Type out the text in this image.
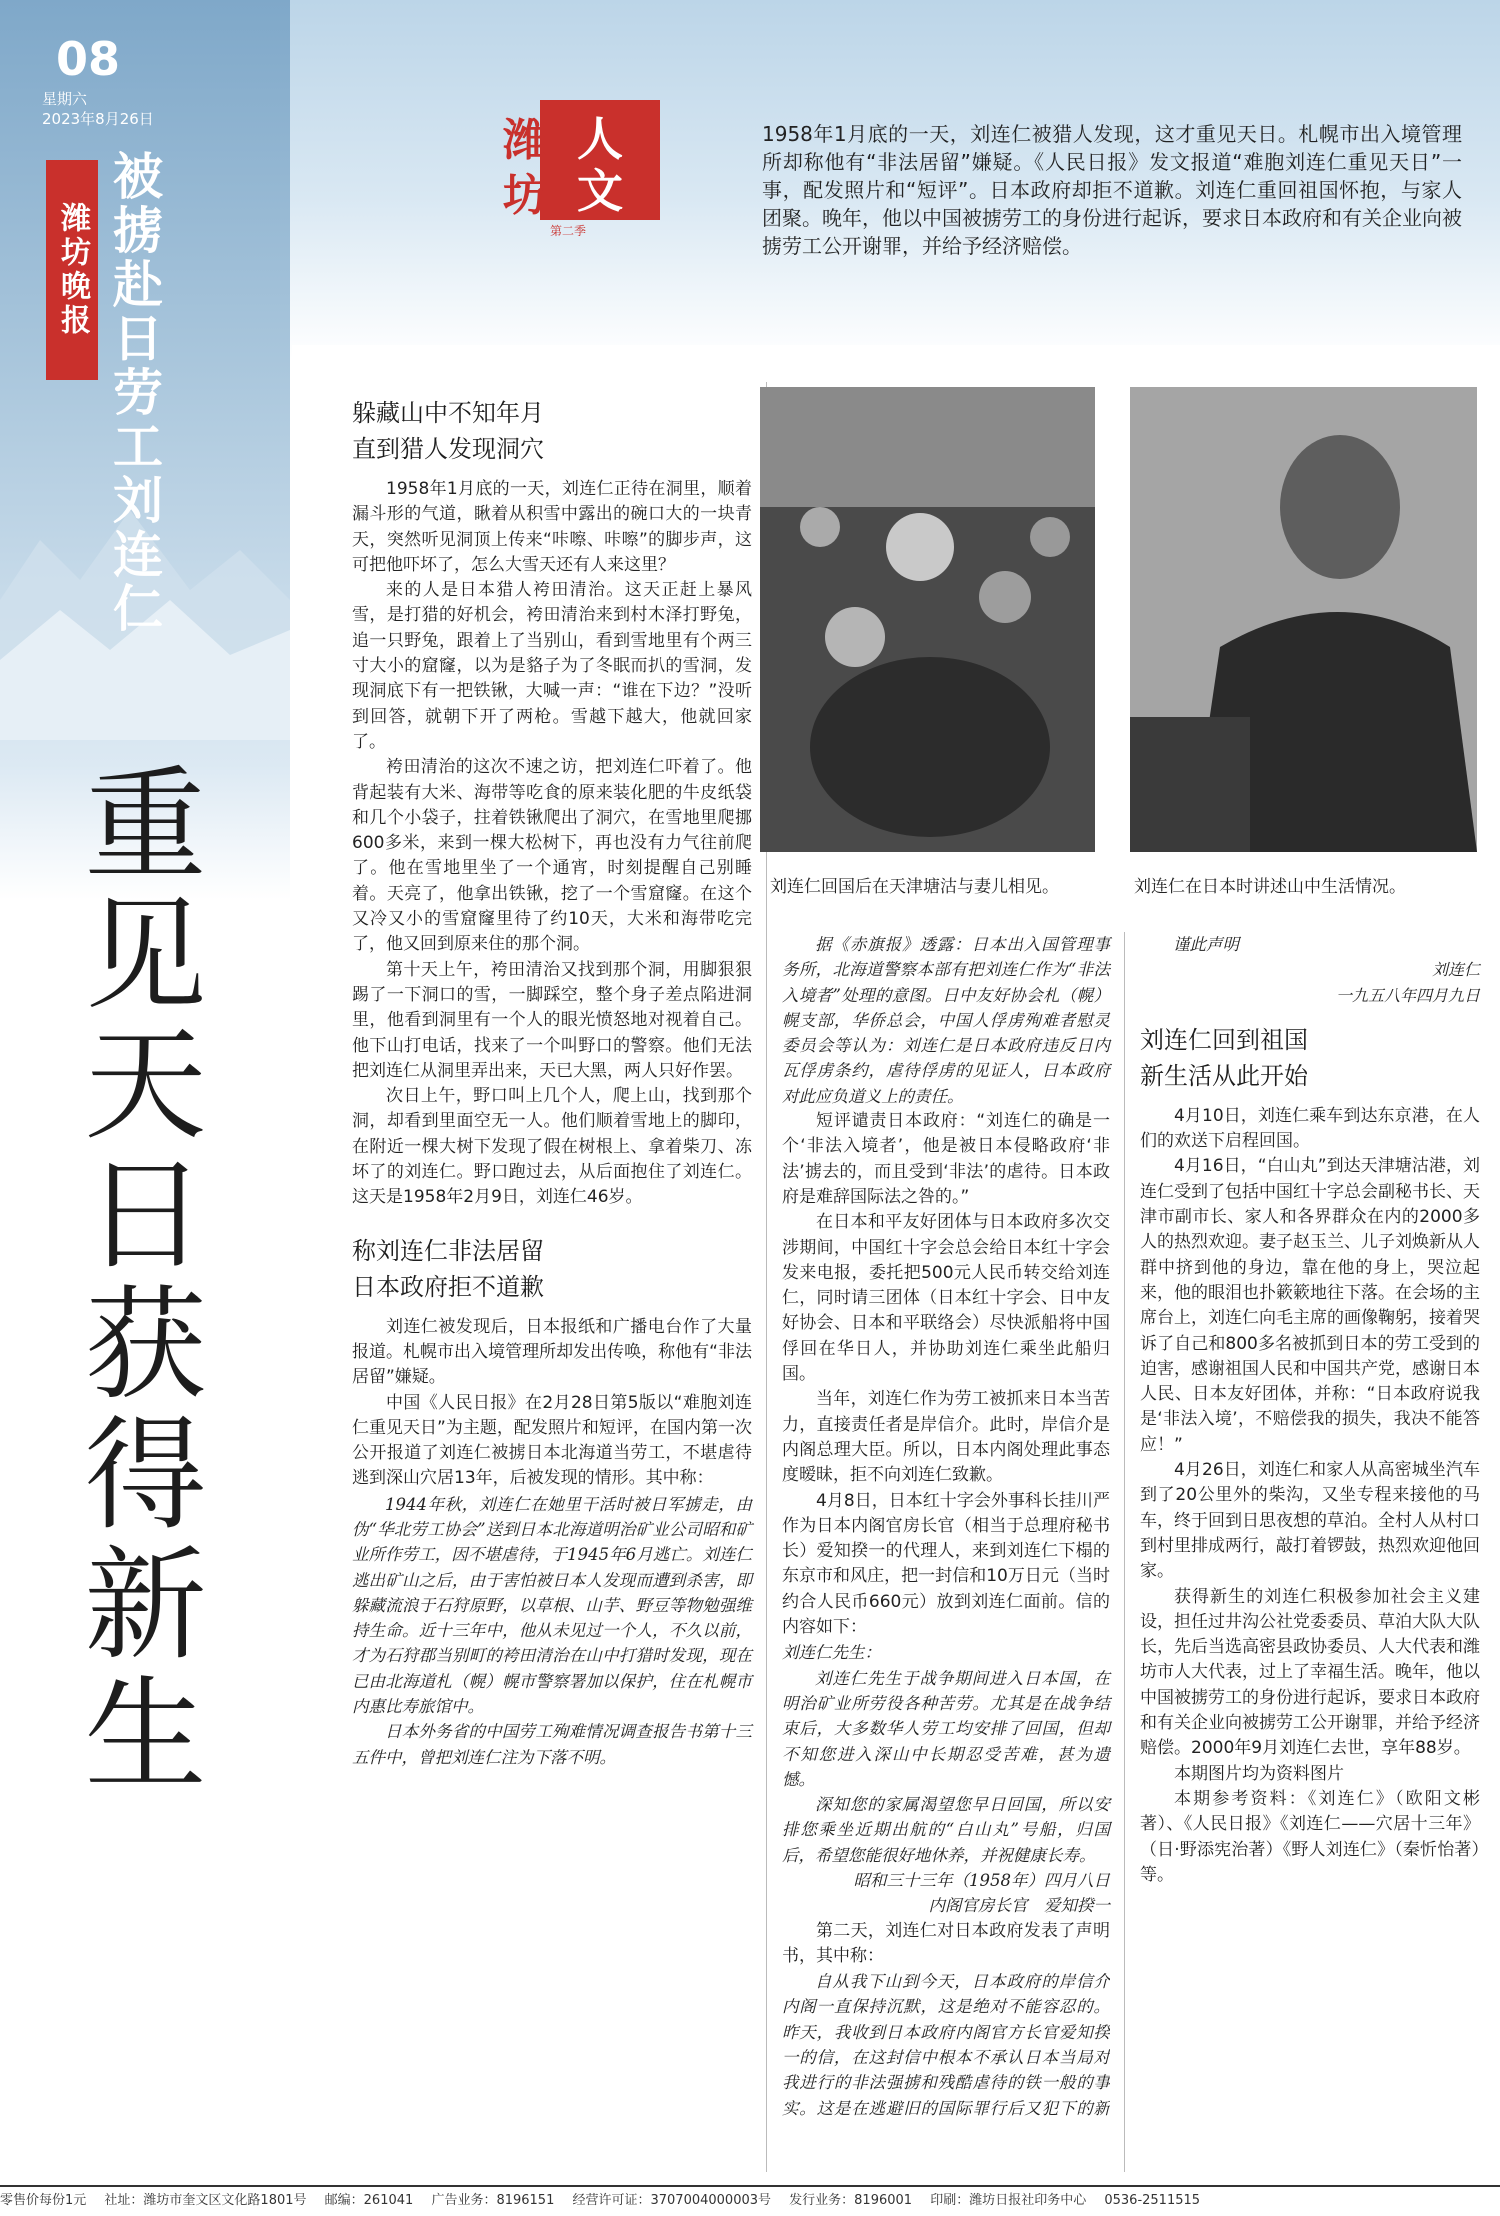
08
星期六
2023年8月26日
潍坊晚报 被掳赴日劳工刘连仁
重见天日获得新生
人
文
潍
坊
第二季
1958年1月底的一天，刘连仁被猎人发现，这才重见天日。札幌市出入境管理所却称他有“非法居留”嫌疑。《人民日报》发文报道“难胞刘连仁重见天日”一事，配发照片和“短评”。日本政府却拒不道歉。刘连仁重回祖国怀抱，与家人团聚。晚年，他以中国被掳劳工的身份进行起诉，要求日本政府和有关企业向被掳劳工公开谢罪，并给予经济赔偿。
躲藏山中不知年月
直到猎人发现洞穴

1958年1月底的一天，刘连仁正待在洞里，顺着漏斗形的气道，瞅着从积雪中露出的碗口大的一块青天，突然听见洞顶上传来“咔嚓、咔嚓”的脚步声，这可把他吓坏了，怎么大雪天还有人来这里？

来的人是日本猎人袴田清治。这天正赶上暴风雪，是打猎的好机会，袴田清治来到村木泽打野兔，追一只野兔，跟着上了当别山，看到雪地里有个两三寸大小的窟窿，以为是貉子为了冬眠而扒的雪洞，发现洞底下有一把铁锹，大喊一声：“谁在下边？”没听到回答，就朝下开了两枪。雪越下越大，他就回家了。

袴田清治的这次不速之访，把刘连仁吓着了。他背起装有大米、海带等吃食的原来装化肥的牛皮纸袋和几个小袋子，拄着铁锹爬出了洞穴，在雪地里爬挪600多米，来到一棵大松树下，再也没有力气往前爬了。他在雪地里坐了一个通宵，时刻提醒自己别睡着。天亮了，他拿出铁锹，挖了一个雪窟窿。在这个又冷又小的雪窟窿里待了约10天，大米和海带吃完了，他又回到原来住的那个洞。

第十天上午，袴田清治又找到那个洞，用脚狠狠踢了一下洞口的雪，一脚踩空，整个身子差点陷进洞里，他看到洞里有一个人的眼光愤怒地对视着自己。他下山打电话，找来了一个叫野口的警察。他们无法把刘连仁从洞里弄出来，天已大黑，两人只好作罢。

次日上午，野口叫上几个人，爬上山，找到那个洞，却看到里面空无一人。他们顺着雪地上的脚印，在附近一棵大树下发现了假在树根上、拿着柴刀、冻坏了的刘连仁。野口跑过去，从后面抱住了刘连仁。这天是1958年2月9日，刘连仁46岁。

称刘连仁非法居留
日本政府拒不道歉

刘连仁被发现后，日本报纸和广播电台作了大量报道。札幌市出入境管理所却发出传唤，称他有“非法居留”嫌疑。

中国《人民日报》在2月28日第5版以“难胞刘连仁重见天日”为主题，配发照片和短评，在国内第一次公开报道了刘连仁被掳日本北海道当劳工，不堪虐待逃到深山穴居13年，后被发现的情形。其中称：

1944年秋，刘连仁在她里干活时被日军掳走，由伪“华北劳工协会”送到日本北海道明治矿业公司昭和矿业所作劳工，因不堪虐待，于1945年6月逃亡。刘连仁逃出矿山之后，由于害怕被日本人发现而遭到杀害，即躲藏流浪于石狩原野，以草根、山芋、野豆等物勉强维持生命。近十三年中，他从未见过一个人，不久以前，才为石狩郡当别町的袴田清治在山中打猎时发现，现在已由北海道札（幌）幌市警察署加以保护，住在札幌市内惠比寿旅馆中。

日本外务省的中国劳工殉难情况调查报告书第十三五件中，曾把刘连仁注为下落不明。

刘连仁回国后在天津塘沽与妻儿相见。	刘连仁在日本时讲述山中生活情况。

据《赤旗报》透露：日本出入国管理事务所，北海道警察本部有把刘连仁作为“非法入境者”处理的意图。日中友好协会札（幌）幌支部，华侨总会，中国人俘虏殉难者慰灵委员会等认为：刘连仁是日本政府违反日内瓦俘虏条约，虐待俘虏的见证人，日本政府对此应负道义上的责任。

短评谴责日本政府：“刘连仁的确是一个‘非法入境者’，他是被日本侵略政府‘非法’掳去的，而且受到‘非法’的虐待。日本政府是难辞国际法之咎的。”

在日本和平友好团体与日本政府多次交涉期间，中国红十字会总会给日本红十字会发来电报，委托把500元人民币转交给刘连仁，同时请三团体（日本红十字会、日中友好协会、日本和平联络会）尽快派船将中国俘回在华日人，并协助刘连仁乘坐此船归国。

当年，刘连仁作为劳工被抓来日本当苦力，直接责任者是岸信介。此时，岸信介是内阁总理大臣。所以，日本内阁处理此事态度暧昧，拒不向刘连仁致歉。

4月8日，日本红十字会外事科长挂川严作为日本内阁官房长官（相当于总理府秘书长）爱知揆一的代理人，来到刘连仁下榻的东京市和风庄，把一封信和10万日元（当时约合人民币660元）放到刘连仁面前。信的内容如下：

刘连仁先生：

刘连仁先生于战争期间进入日本国，在明治矿业所劳役各种苦劳。尤其是在战争结束后，大多数华人劳工均安排了回国，但却不知您进入深山中长期忍受苦难，甚为遗憾。

深知您的家属渴望您早日回国，所以安排您乘坐近期出航的“白山丸”号船，归国后，希望您能很好地休养，并祝健康长寿。

昭和三十三年（1958年）四月八日
内阁官房长官　爱知揆一

第二天，刘连仁对日本政府发表了声明书，其中称：

自从我下山到今天，日本政府的岸信介内阁一直保持沉默，这是绝对不能容忍的。昨天，我收到日本政府内阁官方长官爱知揆一的信，在这封信中根本不承认日本当局对我进行的非法强掳和残酷虐待的铁一般的事实。这是在逃避旧的国际罪行后又犯下的新

谨此声明

刘连仁
一九五八年四月九日
刘连仁回到祖国
新生活从此开始

4月10日，刘连仁乘车到达东京港，在人们的欢送下启程回国。

4月16日，“白山丸”到达天津塘沽港，刘连仁受到了包括中国红十字总会副秘书长、天津市副市长、家人和各界群众在内的2000多人的热烈欢迎。妻子赵玉兰、儿子刘焕新从人群中挤到他的身边，靠在他的身上，哭泣起来，他的眼泪也扑簌簌地往下落。在会场的主席台上，刘连仁向毛主席的画像鞠躬，接着哭诉了自己和800多名被抓到日本的劳工受到的迫害，感谢祖国人民和中国共产党，感谢日本人民、日本友好团体，并称：“日本政府说我是‘非法入境’，不赔偿我的损失，我决不能答应！”

4月26日，刘连仁和家人从高密城坐汽车到了20公里外的柴沟，又坐专程来接他的马车，终于回到日思夜想的草泊。全村人从村口到村里排成两行，敲打着锣鼓，热烈欢迎他回家。

获得新生的刘连仁积极参加社会主义建设，担任过井沟公社党委委员、草泊大队大队长，先后当选高密县政协委员、人大代表和潍坊市人大代表，过上了幸福生活。晚年，他以中国被掳劳工的身份进行起诉，要求日本政府和有关企业向被掳劳工公开谢罪，并给予经济赔偿。2000年9月刘连仁去世，享年88岁。

本期图片均为资料图片

本期参考资料：《刘连仁》（欧阳文彬著）、《人民日报》《刘连仁——穴居十三年》（日·野添宪治著）《野人刘连仁》（秦忻怡著）等。

零售价每份1元 社址：潍坊市奎文区文化路1801号 邮编：261041 广告业务：8196151 经营许可证：3707004000003号 发行业务：8196001 印刷：潍坊日报社印务中心 0536-2511515
